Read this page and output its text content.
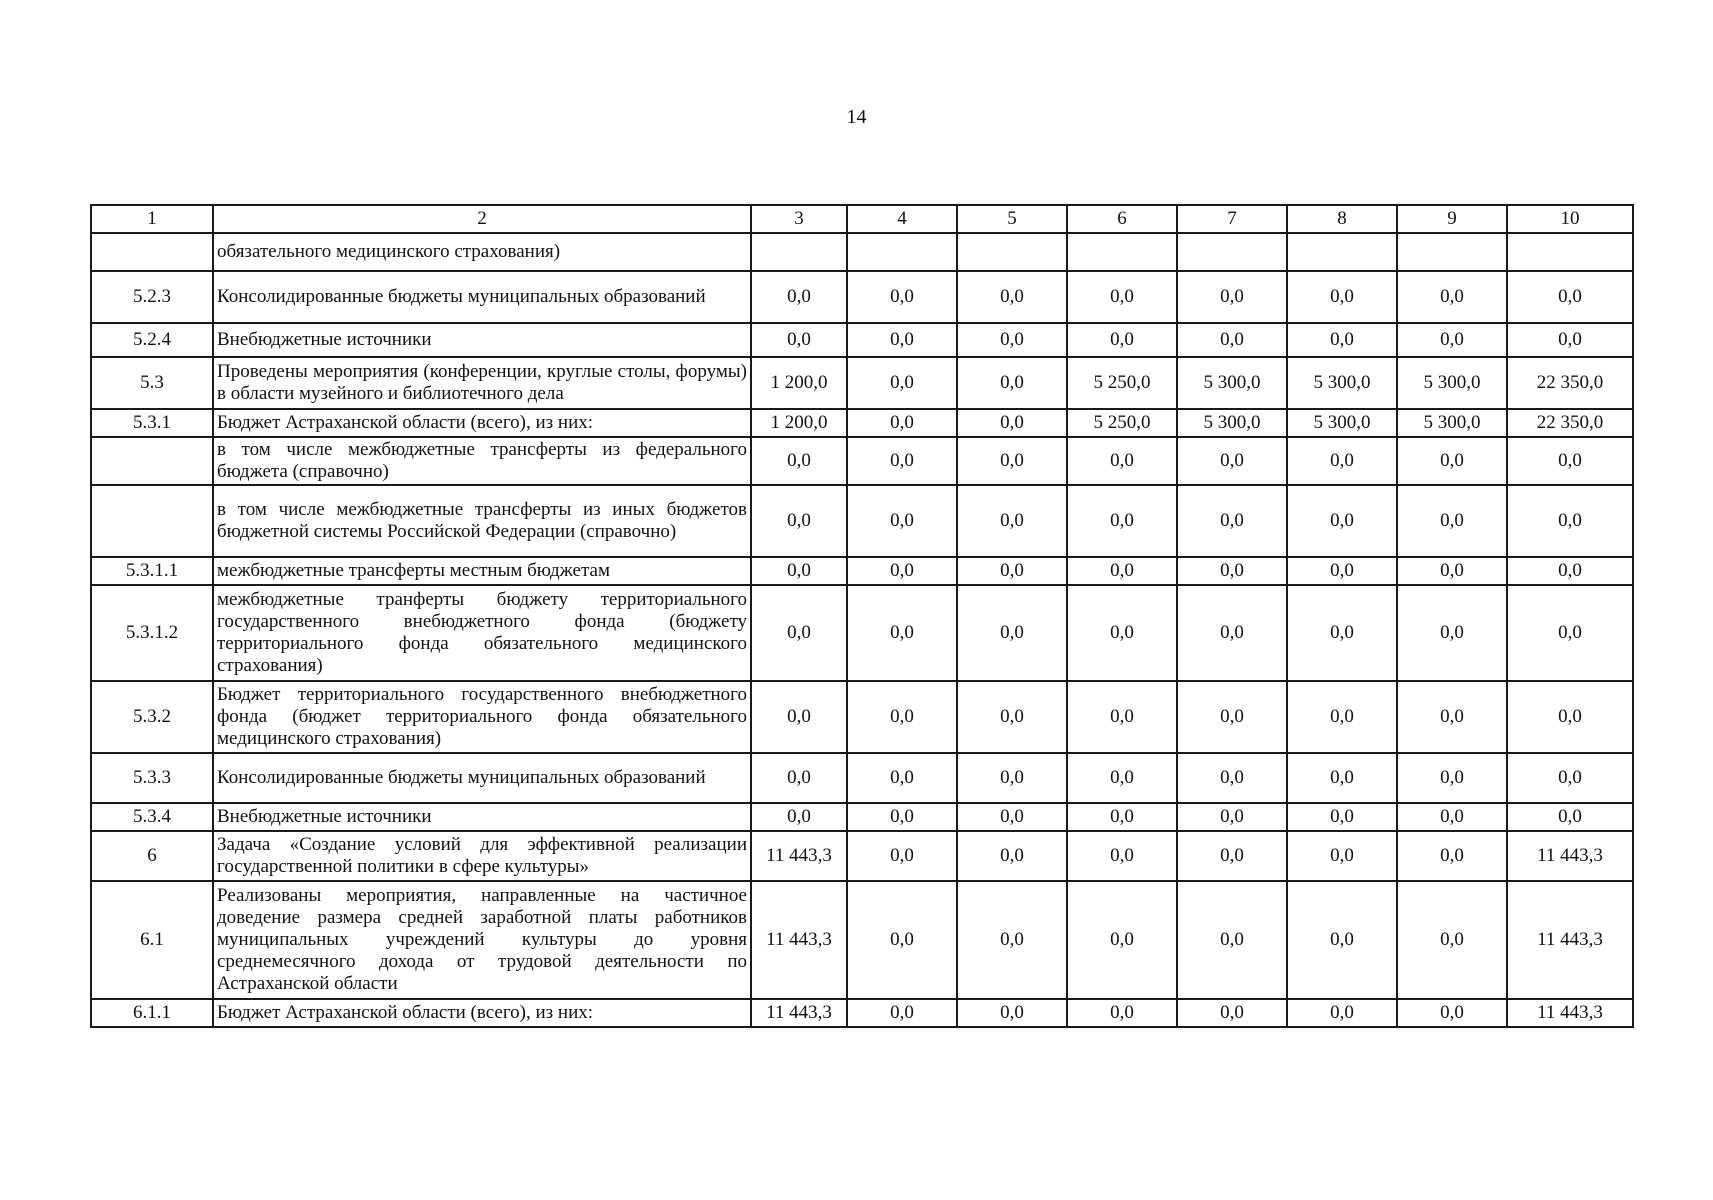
14
1	2	3	4	5	6	7	8	9	10
	обязательного медицинского страхования)								
5.2.3	Консолидированные бюджеты муниципальных образований	0,0	0,0	0,0	0,0	0,0	0,0	0,0	0,0
5.2.4	Внебюджетные источники	0,0	0,0	0,0	0,0	0,0	0,0	0,0	0,0
5.3	Проведены мероприятия (конференции, круглые столы, форумы) в области музейного и библиотечного дела	1 200,0	0,0	0,0	5 250,0	5 300,0	5 300,0	5 300,0	22 350,0
5.3.1	Бюджет Астраханской области (всего), из них:	1 200,0	0,0	0,0	5 250,0	5 300,0	5 300,0	5 300,0	22 350,0
	в том числе межбюджетные трансферты из федерального бюджета (справочно)	0,0	0,0	0,0	0,0	0,0	0,0	0,0	0,0
	в том числе межбюджетные трансферты из иных бюджетов бюджетной системы Российской Федерации (справочно)	0,0	0,0	0,0	0,0	0,0	0,0	0,0	0,0
5.3.1.1	межбюджетные трансферты местным бюджетам	0,0	0,0	0,0	0,0	0,0	0,0	0,0	0,0
5.3.1.2	межбюджетные транферты бюджету территориального государственного внебюджетного фонда (бюджету территориального фонда обязательного медицинского страхования)	0,0	0,0	0,0	0,0	0,0	0,0	0,0	0,0
5.3.2	Бюджет территориального государственного внебюджетного фонда (бюджет территориального фонда обязательного медицинского страхования)	0,0	0,0	0,0	0,0	0,0	0,0	0,0	0,0
5.3.3	Консолидированные бюджеты муниципальных образований	0,0	0,0	0,0	0,0	0,0	0,0	0,0	0,0
5.3.4	Внебюджетные источники	0,0	0,0	0,0	0,0	0,0	0,0	0,0	0,0
6	Задача «Создание условий для эффективной реализации государственной политики в сфере культуры»	11 443,3	0,0	0,0	0,0	0,0	0,0	0,0	11 443,3
6.1	Реализованы мероприятия, направленные на частичное доведение размера средней заработной платы работников муниципальных учреждений культуры до уровня среднемесячного дохода от трудовой деятельности по Астраханской области	11 443,3	0,0	0,0	0,0	0,0	0,0	0,0	11 443,3
6.1.1	Бюджет Астраханской области (всего), из них:	11 443,3	0,0	0,0	0,0	0,0	0,0	0,0	11 443,3
